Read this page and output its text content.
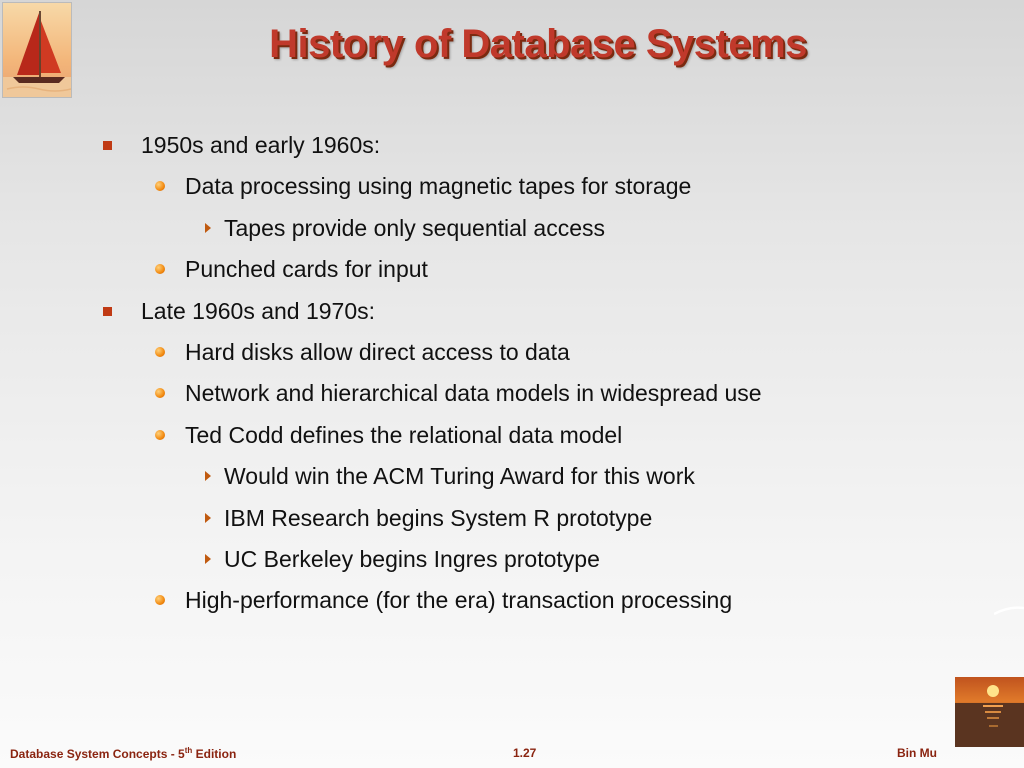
History of Database Systems
1950s and early 1960s:
Data processing using magnetic tapes for storage
Tapes provide only sequential access
Punched cards for input
Late 1960s and 1970s:
Hard disks allow direct access to data
Network and hierarchical data models in widespread use
Ted Codd defines the relational data model
Would win the ACM Turing Award for this work
IBM Research begins System R prototype
UC Berkeley begins Ingres prototype
High-performance (for the era) transaction processing
Database System Concepts - 5th Edition	1.27	Bin Mu
